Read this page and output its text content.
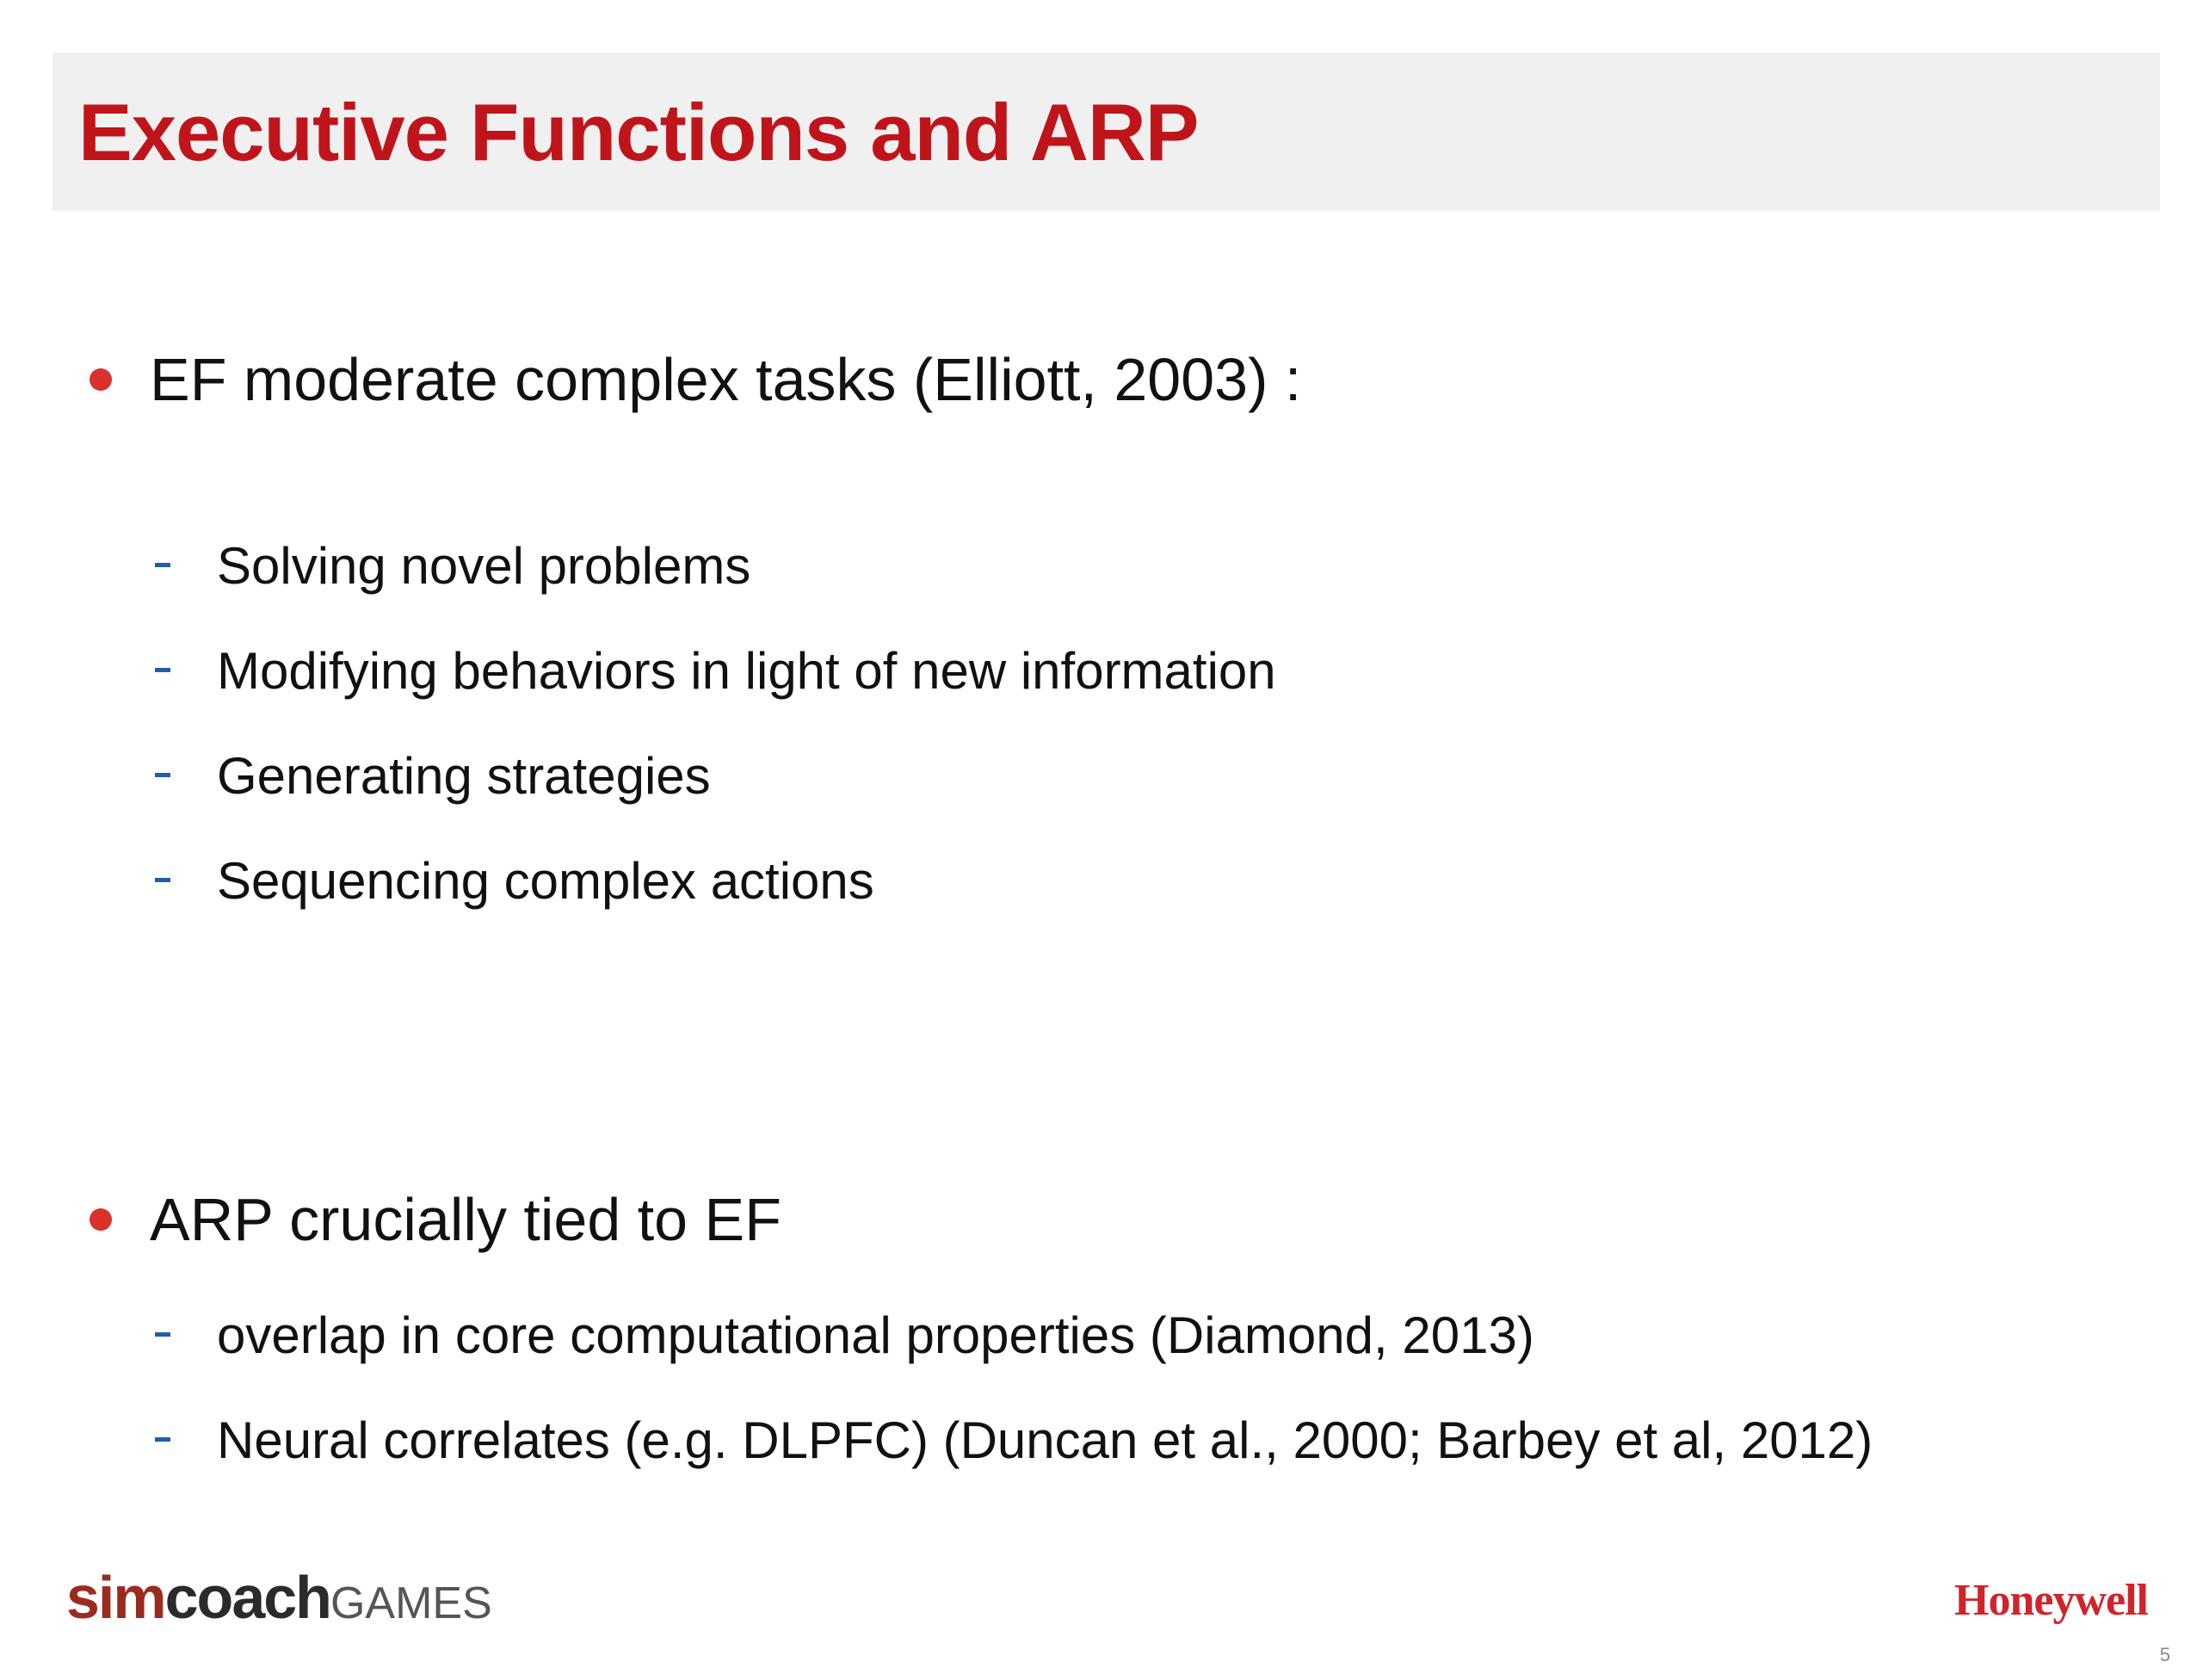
Executive Functions and ARP
EF moderate complex tasks (Elliott, 2003) :
Solving novel problems
Modifying behaviors in light of new information
Generating strategies
Sequencing complex actions
ARP crucially tied to EF
overlap in core computational properties (Diamond, 2013)
Neural correlates (e.g. DLPFC) (Duncan et al., 2000; Barbey et al, 2012)
simcoachGAMES	Honeywell
5
